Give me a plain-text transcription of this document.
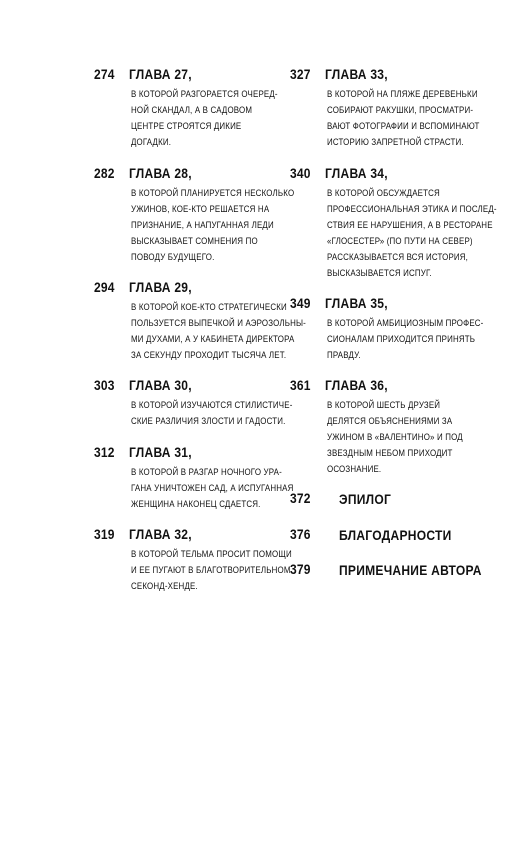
274 ГЛАВА 27,
В КОТОРОЙ РАЗГОРАЕТСЯ ОЧЕРЕД-
НОЙ СКАНДАЛ, А В САДОВОМ
ЦЕНТРЕ СТРОЯТСЯ ДИКИЕ
ДОГАДКИ.
282 ГЛАВА 28,
В КОТОРОЙ ПЛАНИРУЕТСЯ НЕСКОЛЬКО
УЖИНОВ, КОЕ-КТО РЕШАЕТСЯ НА
ПРИЗНАНИЕ, А НАПУГАННАЯ ЛЕДИ
ВЫСКАЗЫВАЕТ СОМНЕНИЯ ПО
ПОВОДУ БУДУЩЕГО.
294 ГЛАВА 29,
В КОТОРОЙ КОЕ-КТО СТРАТЕГИЧЕСКИ
ПОЛЬЗУЕТСЯ ВЫПЕЧКОЙ И АЭРОЗОЛЬНЫ-
МИ ДУХАМИ, А У КАБИНЕТА ДИРЕКТОРА
ЗА СЕКУНДУ ПРОХОДИТ ТЫСЯЧА ЛЕТ.
303 ГЛАВА 30,
В КОТОРОЙ ИЗУЧАЮТСЯ СТИЛИСТИЧЕ-
СКИЕ РАЗЛИЧИЯ ЗЛОСТИ И ГАДОСТИ.
312 ГЛАВА 31,
В КОТОРОЙ В РАЗГАР НОЧНОГО УРА-
ГАНА УНИЧТОЖЕН САД, А ИСПУГАННАЯ
ЖЕНЩИНА НАКОНЕЦ СДАЕТСЯ.
319 ГЛАВА 32,
В КОТОРОЙ ТЕЛЬМА ПРОСИТ ПОМОЩИ
И ЕЕ ПУГАЮТ В БЛАГОТВОРИТЕЛЬНОМ
СЕКОНД-ХЕНДЕ.
327 ГЛАВА 33,
В КОТОРОЙ НА ПЛЯЖЕ ДЕРЕВЕНЬКИ
СОБИРАЮТ РАКУШКИ, ПРОСМАТРИ-
ВАЮТ ФОТОГРАФИИ И ВСПОМИНАЮТ
ИСТОРИЮ ЗАПРЕТНОЙ СТРАСТИ.
340 ГЛАВА 34,
В КОТОРОЙ ОБСУЖДАЕТСЯ
ПРОФЕССИОНАЛЬНАЯ ЭТИКА И ПОСЛЕД-
СТВИЯ ЕЕ НАРУШЕНИЯ, А В РЕСТОРАНЕ
«ГЛОСЕСТЕР» (ПО ПУТИ НА СЕВЕР)
РАССКАЗЫВАЕТСЯ ВСЯ ИСТОРИЯ,
ВЫСКАЗЫВАЕТСЯ ИСПУГ.
349 ГЛАВА 35,
В КОТОРОЙ АМБИЦИОЗНЫМ ПРОФЕС-
СИОНАЛАМ ПРИХОДИТСЯ ПРИНЯТЬ
ПРАВДУ.
361 ГЛАВА 36,
В КОТОРОЙ ШЕСТЬ ДРУЗЕЙ
ДЕЛЯТСЯ ОБЪЯСНЕНИЯМИ ЗА
УЖИНОМ В «ВАЛЕНТИНО» И ПОД
ЗВЕЗДНЫМ НЕБОМ ПРИХОДИТ
ОСОЗНАНИЕ.
372 ЭПИЛОГ
376 БЛАГОДАРНОСТИ
379 ПРИМЕЧАНИЕ АВТОРА
